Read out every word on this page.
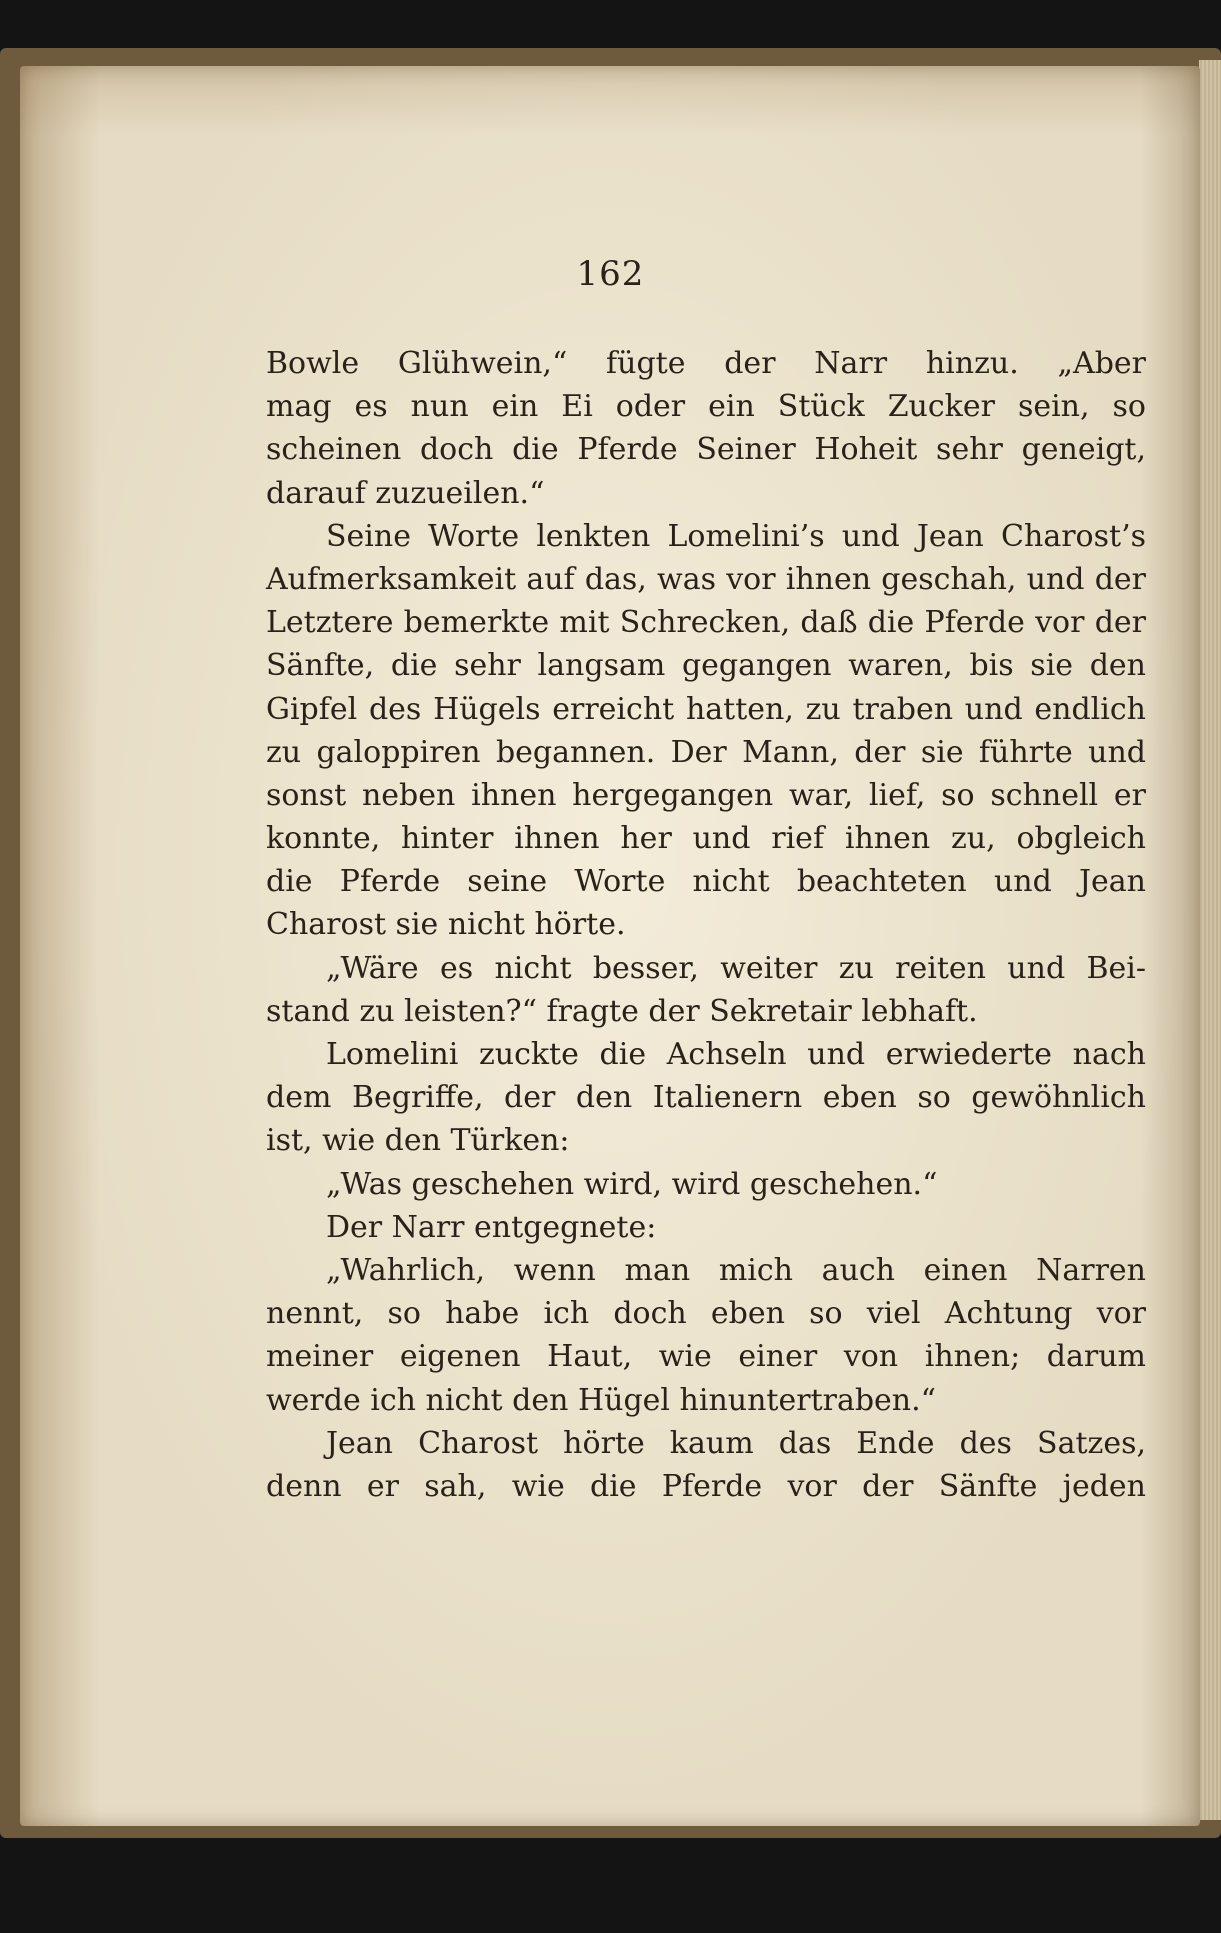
162
Bowle Glühwein,“ fügte der Narr hinzu. „Aber
mag es nun ein Ei oder ein Stück Zucker sein, so
scheinen doch die Pferde Seiner Hoheit sehr geneigt,
darauf zuzueilen.“
Seine Worte lenkten Lomelini’s und Jean Charost’s
Aufmerksamkeit auf das, was vor ihnen geschah, und der
Letztere bemerkte mit Schrecken, daß die Pferde vor der
Sänfte, die sehr langsam gegangen waren, bis sie den
Gipfel des Hügels erreicht hatten, zu traben und endlich
zu galoppiren begannen. Der Mann, der sie führte und
sonst neben ihnen hergegangen war, lief, so schnell er
konnte, hinter ihnen her und rief ihnen zu, obgleich
die Pferde seine Worte nicht beachteten und Jean
Charost sie nicht hörte.
„Wäre es nicht besser, weiter zu reiten und Bei-
stand zu leisten?“ fragte der Sekretair lebhaft.
Lomelini zuckte die Achseln und erwiederte nach
dem Begriffe, der den Italienern eben so gewöhnlich
ist, wie den Türken:
„Was geschehen wird, wird geschehen.“
Der Narr entgegnete:
„Wahrlich, wenn man mich auch einen Narren
nennt, so habe ich doch eben so viel Achtung vor
meiner eigenen Haut, wie einer von ihnen; darum
werde ich nicht den Hügel hinuntertraben.“
Jean Charost hörte kaum das Ende des Satzes,
denn er sah, wie die Pferde vor der Sänfte jeden
